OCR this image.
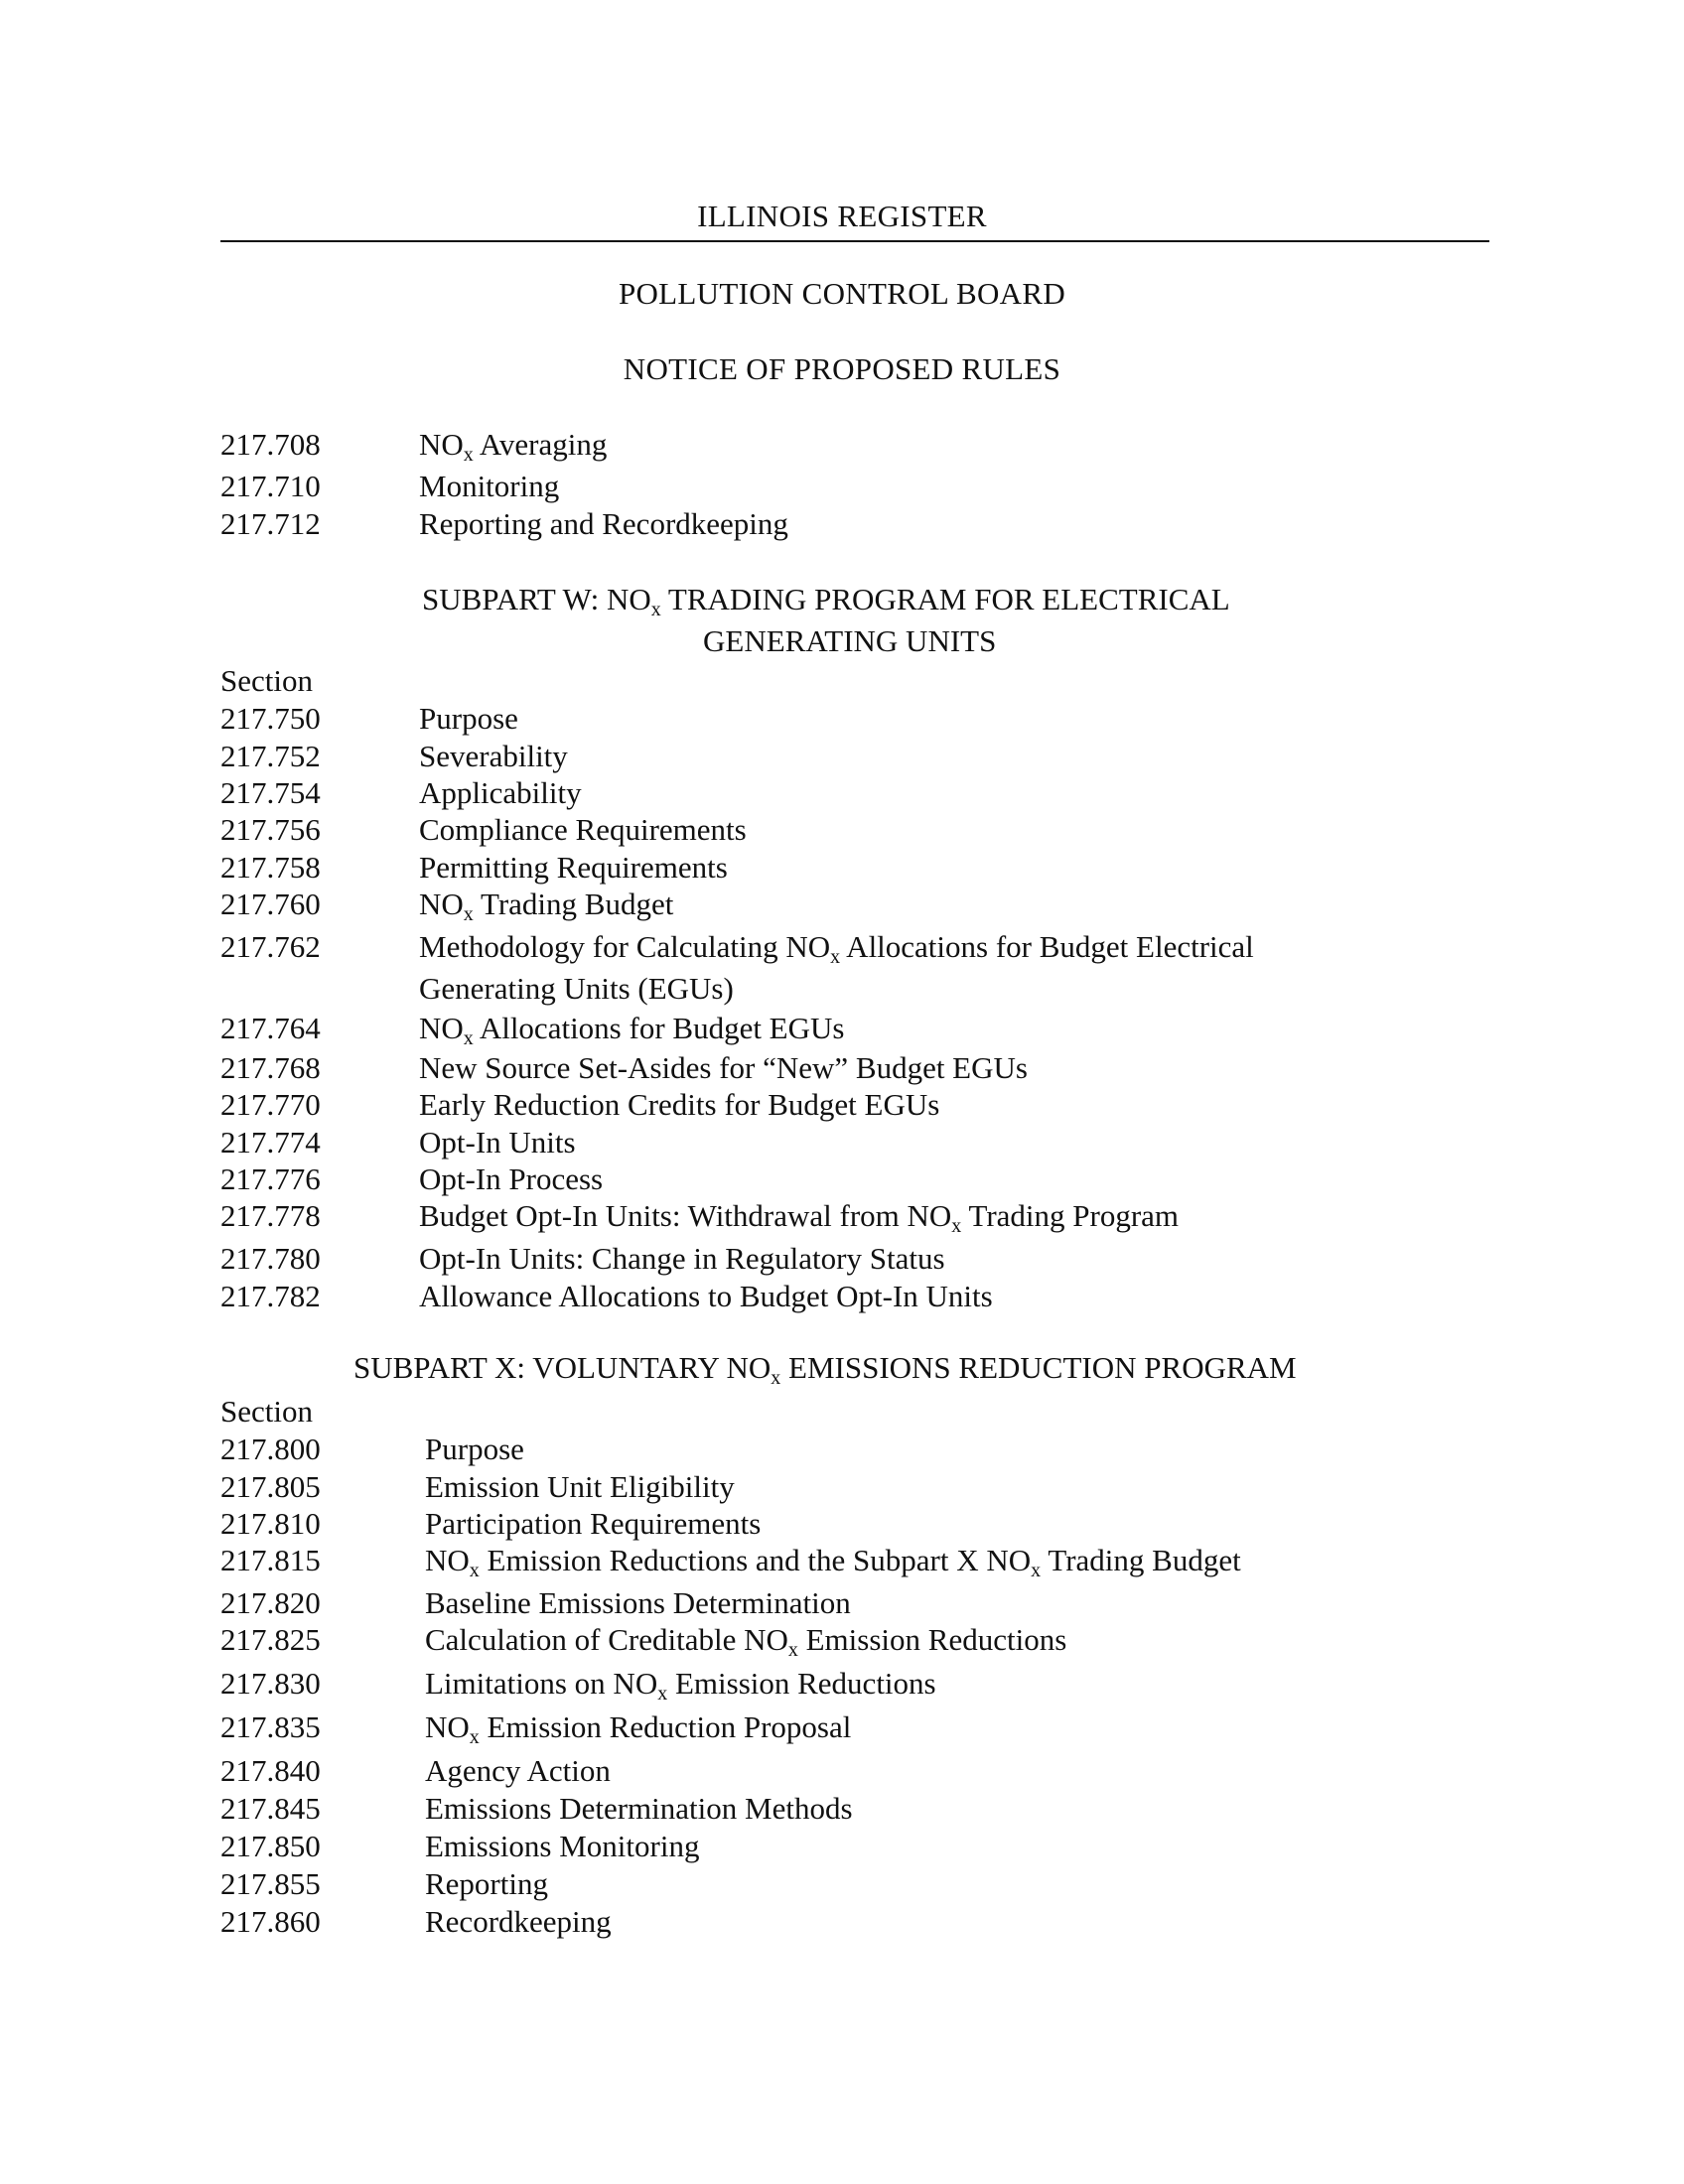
ILLINOIS REGISTER
POLLUTION CONTROL BOARD
NOTICE OF PROPOSED RULES
217.708	$NO_x$ Averaging
217.710	Monitoring
217.712	Reporting and Recordkeeping
SUBPART W: $NO_x$ TRADING PROGRAM FOR ELECTRICAL
GENERATING UNITS
Section
217.750	Purpose
217.752	Severability
217.754	Applicability
217.756	Compliance Requirements
217.758	Permitting Requirements
217.760	$NO_x$ Trading Budget
217.762	Methodology for Calculating $NO_x$ Allocations for Budget Electrical
Generating Units (EGUs)
217.764	$NO_x$ Allocations for Budget EGUs
217.768	New Source Set-Asides for “New” Budget EGUs
217.770	Early Reduction Credits for Budget EGUs
217.774	Opt-In Units
217.776	Opt-In Process
217.778	Budget Opt-In Units: Withdrawal from $NO_x$ Trading Program
217.780	Opt-In Units: Change in Regulatory Status
217.782	Allowance Allocations to Budget Opt-In Units
SUBPART X: VOLUNTARY $NO_x$ EMISSIONS REDUCTION PROGRAM
Section
217.800	Purpose
217.805	Emission Unit Eligibility
217.810	Participation Requirements
217.815	$NO_x$ Emission Reductions and the Subpart X $NO_x$ Trading Budget
217.820	Baseline Emissions Determination
217.825	Calculation of Creditable $NO_x$ Emission Reductions
217.830	Limitations on $NO_x$ Emission Reductions
217.835	$NO_x$ Emission Reduction Proposal
217.840	Agency Action
217.845	Emissions Determination Methods
217.850	Emissions Monitoring
217.855	Reporting
217.860	Recordkeeping
